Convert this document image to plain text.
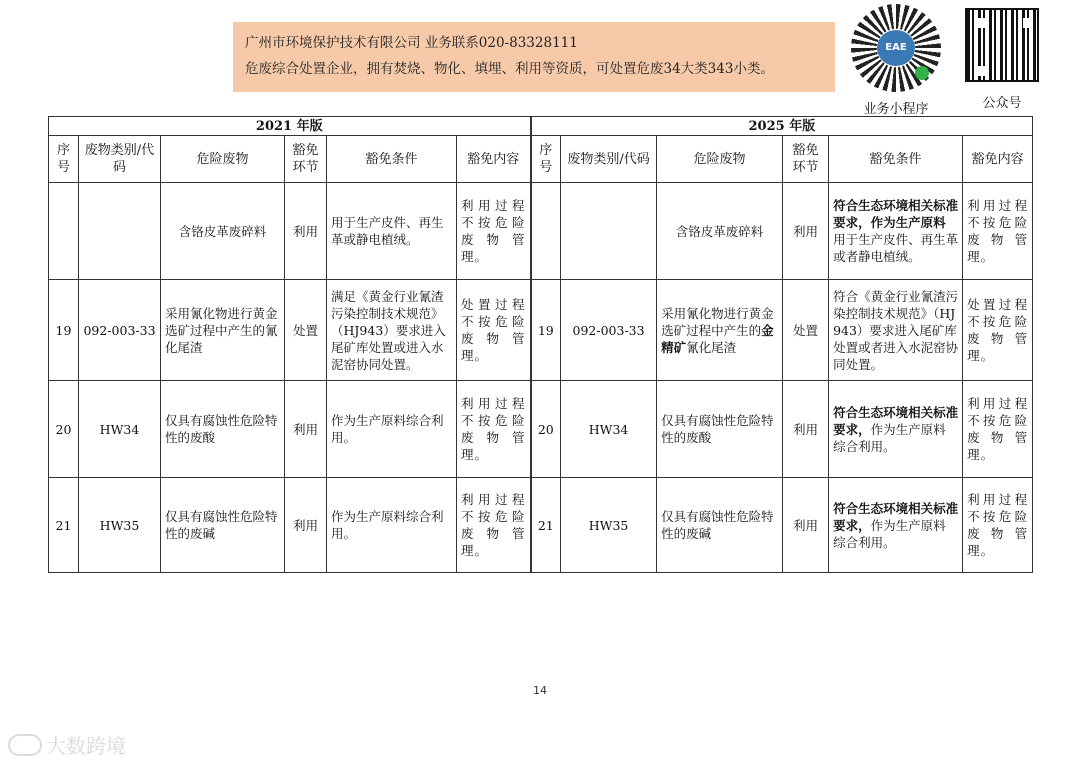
广州市环境保护技术有限公司 业务联系020-83328111
危废综合处置企业，拥有焚烧、物化、填埋、利用等资质，可处置危废34大类343小类。
EAE
业务小程序	公众号
2021 年版						2025 年版					
序号	废物类别/代码	危险废物	豁免环节	豁免条件	豁免内容	序号	废物类别/代码	危险废物	豁免环节	豁免条件	豁免内容
		含铬皮革废碎料	利用	用于生产皮件、再生革或静电植绒。	利用过程不按危险废物管理。			含铬皮革废碎料	利用	符合生态环境相关标准要求，作为生产原料用于生产皮件、再生革或者静电植绒。	利用过程不按危险废物管理。
19	092-003-33	采用氰化物进行黄金选矿过程中产生的氰化尾渣	处置	满足《黄金行业氰渣污染控制技术规范》（HJ943）要求进入尾矿库处置或进入水泥窑协同处置。	处置过程不按危险废物管理。	19	092-003-33	采用氰化物进行黄金选矿过程中产生的金精矿氰化尾渣	处置	符合《黄金行业氰渣污染控制技术规范》（HJ 943）要求进入尾矿库处置或者进入水泥窑协同处置。	处置过程不按危险废物管理。
20	HW34	仅具有腐蚀性危险特性的废酸	利用	作为生产原料综合利用。	利用过程不按危险废物管理。	20	HW34	仅具有腐蚀性危险特性的废酸	利用	符合生态环境相关标准要求，作为生产原料综合利用。	利用过程不按危险废物管理。
21	HW35	仅具有腐蚀性危险特性的废碱	利用	作为生产原料综合利用。	利用过程不按危险废物管理。	21	HW35	仅具有腐蚀性危险特性的废碱	利用	符合生态环境相关标准要求，作为生产原料综合利用。	利用过程不按危险废物管理。
14
大数跨境
